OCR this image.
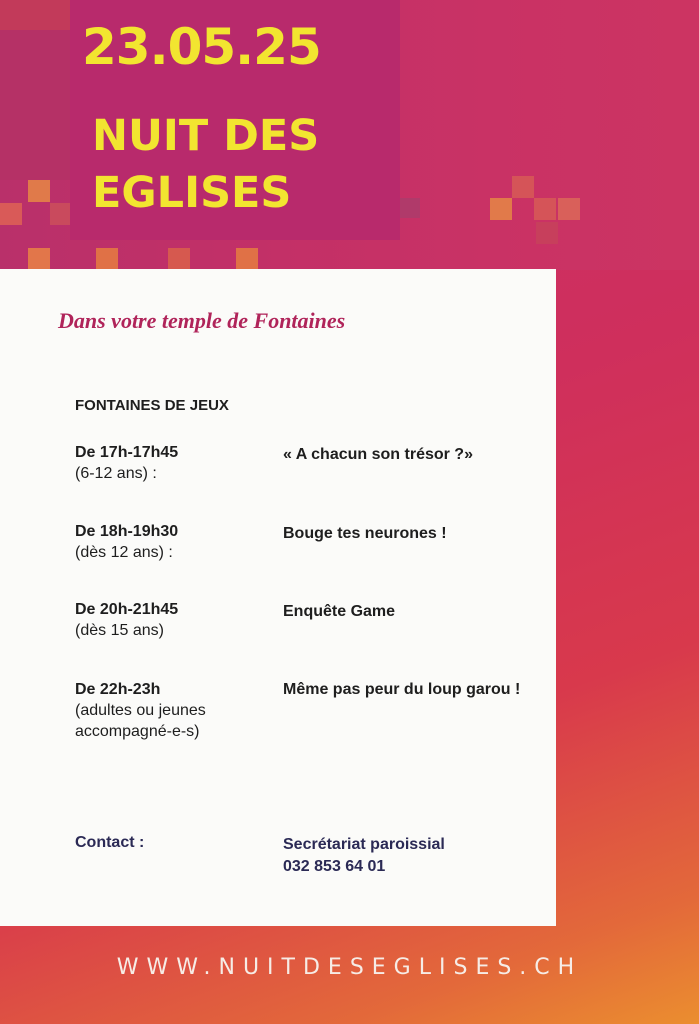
23.05.25
NUIT DES
EGLISES
Dans votre temple de Fontaines
FONTAINES DE JEUX
De 17h-17h45
(6-12 ans) :
« A chacun son trésor ?»
De 18h-19h30
(dès 12 ans) :
Bouge tes neurones !
De 20h-21h45
(dès 15 ans)
Enquête Game
De 22h-23h
(adultes ou jeunes accompagné-e-s)
Même pas peur du loup garou !
Contact :	Secrétariat paroissial
032 853 64 01
WWW.NUITDESEGLISES.CH
